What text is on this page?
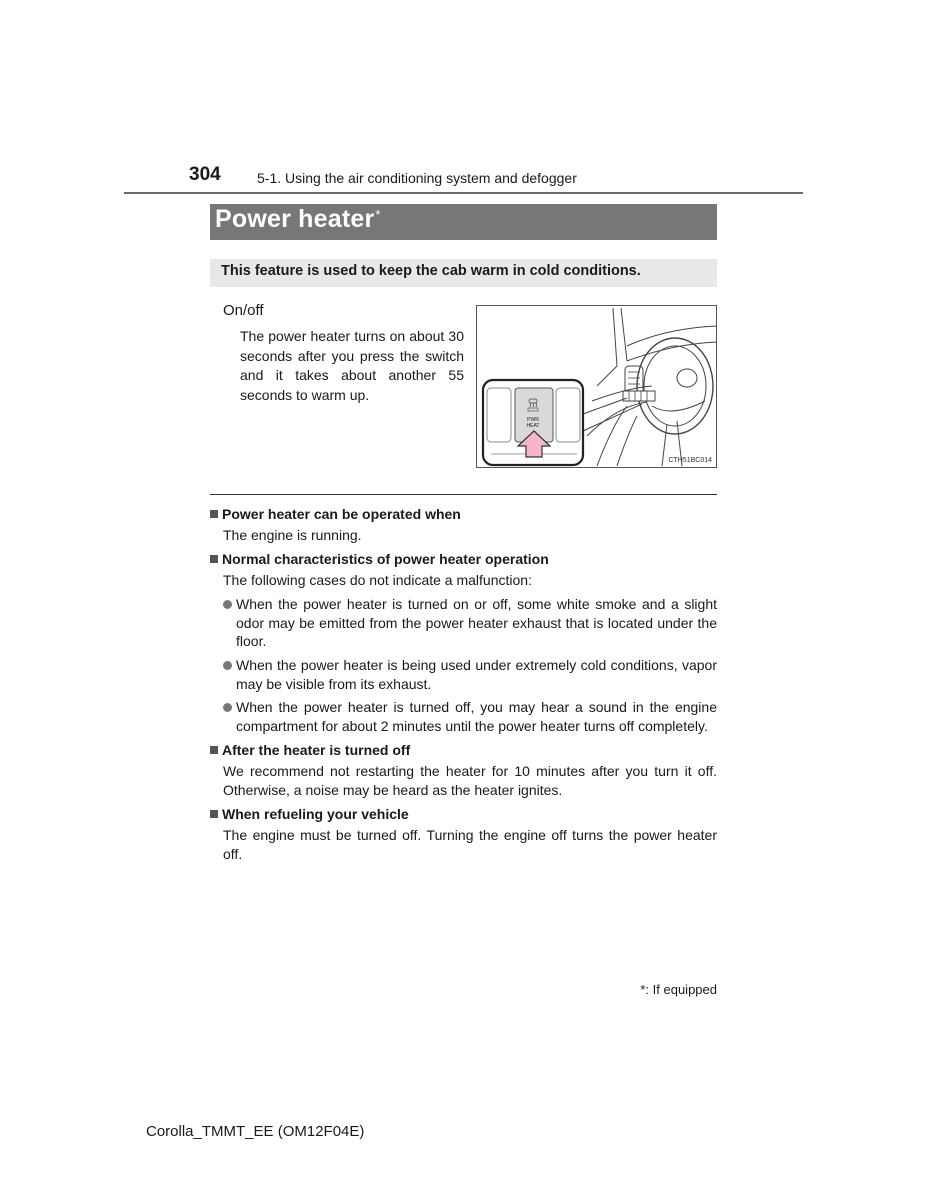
304	5-1. Using the air conditioning system and defogger
Power heater*
This feature is used to keep the cab warm in cold conditions.
On/off
The power heater turns on about 30 seconds after you press the switch and it takes about another 55 seconds to warm up.
PWR
HEAT
CTH51BC014
Power heater can be operated when
The engine is running.
Normal characteristics of power heater operation
The following cases do not indicate a malfunction:
When the power heater is turned on or off, some white smoke and a slight odor may be emitted from the power heater exhaust that is located under the floor.
When the power heater is being used under extremely cold conditions, vapor may be visible from its exhaust.
When the power heater is turned off, you may hear a sound in the engine compartment for about 2 minutes until the power heater turns off completely.
After the heater is turned off
We recommend not restarting the heater for 10 minutes after you turn it off. Otherwise, a noise may be heard as the heater ignites.
When refueling your vehicle
The engine must be turned off. Turning the engine off turns the power heater off.
*: If equipped
Corolla_TMMT_EE (OM12F04E)
